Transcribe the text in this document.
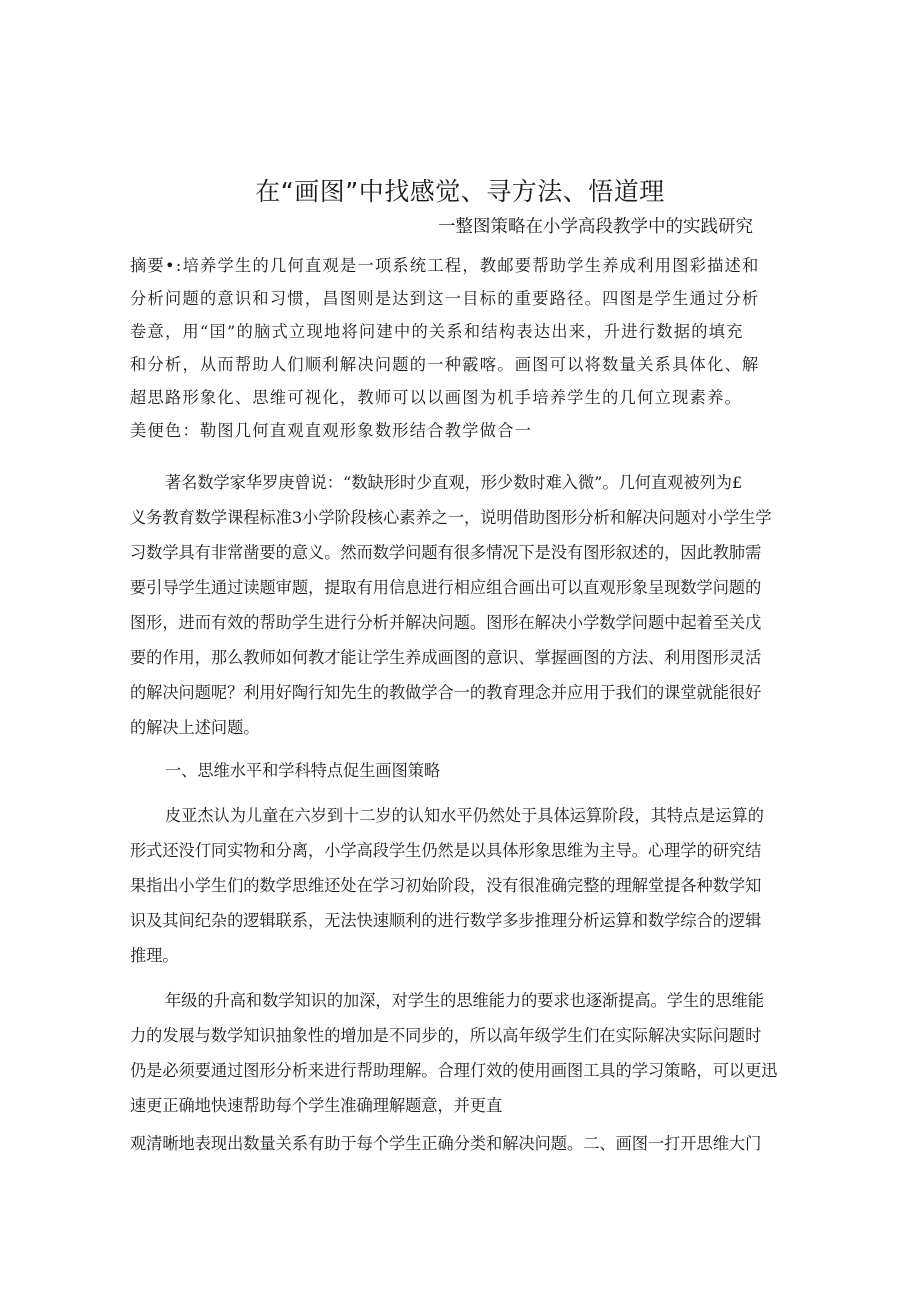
在“画图”中找感觉、寻方法、悟道理
一整图策略在小学高段教学中的实践研究
摘要•:培养学生的几何直观是一项系统工程，教邮要帮助学生养成利用图彩描述和
分析问题的意识和习惯，昌图则是达到这一目标的重要路径。四图是学生通过分析
卷意，用“囯”的脑式立现地将问建中的关系和结构表达出来，升进行数据的填充
和分析，从而帮助人们顺利解决问题的一种霰喀。画图可以将数量关系具体化、解
超思路形象化、思维可视化，教师可以以画图为机手培养学生的几何立现素养。
美便色：勒图几何直观直观形象数形结合教学做合一
著名数学家华罗庚曾说：“数缺形时少直观，形少数时难入微”。几何直观被列为£
义务教育数学课程标准3小学阶段核心素养之一，说明借助图形分析和解决问题对小学生学
习数学具有非常凿要的意义。然而数学问题有很多情况下是没有图形叙述的，因此教肺需
要引导学生通过读题审题，提取有用信息进行相应组合画出可以直观形象呈现数学问题的
图形，进而有效的帮助学生进行分析并解决问题。图形在解决小学数学问题中起着至关戊
要的作用，那么教师如何教才能让学生养成画图的意识、掌握画图的方法、利用图形灵活
的解决问题呢？利用好陶行知先生的教做学合一的教育理念并应用于我们的课堂就能很好
的解决上述问题。
一、思维水平和学科特点促生画图策略
皮亚杰认为儿童在六岁到十二岁的认知水平仍然处于具体运算阶段，其特点是运算的
形式还没仃同实物和分离，小学高段学生仍然是以具体形象思维为主导。心理学的研究结
果指出小学生们的数学思维还处在学习初始阶段，没有很准确完整的理解堂提各种数学知
识及其间纪杂的逻辑联系，无法快速顺利的进行数学多步推理分析运算和数学综合的逻辑
推理。
年级的升高和数学知识的加深，对学生的思维能力的要求也逐渐提高。学生的思维能
力的发展与数学知识抽象性的增加是不同步的，所以高年级学生们在实际解决实际问题时
仍是必须要通过图形分析来进行帮助理解。合理仃效的使用画图工具的学习策略，可以更迅
速更正确地快速帮助每个学生准确理解题意，并更直
观清晰地表现出数量关系有助于每个学生正确分类和解决问题。二、画图一打开思维大门
